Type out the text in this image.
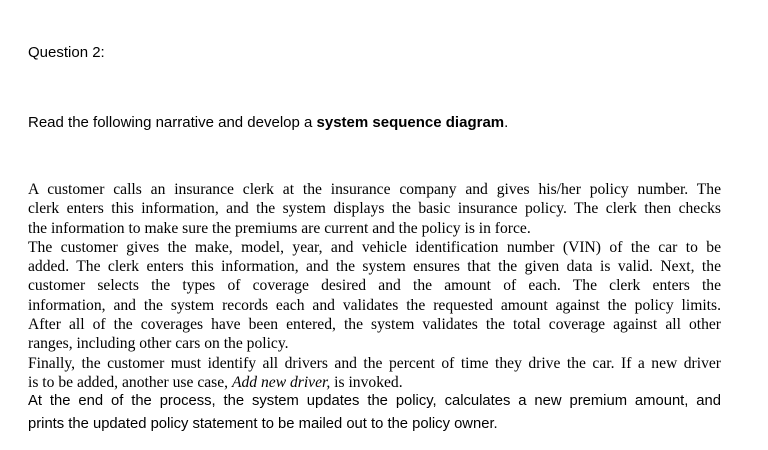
Question 2:
Read the following narrative and develop a system sequence diagram.
A customer calls an insurance clerk at the insurance company and gives his/her policy number. The
clerk enters this information, and the system displays the basic insurance policy. The clerk then checks
the information to make sure the premiums are current and the policy is in force.
The customer gives the make, model, year, and vehicle identification number (VIN) of the car to be
added. The clerk enters this information, and the system ensures that the given data is valid. Next, the
customer selects the types of coverage desired and the amount of each. The clerk enters the
information, and the system records each and validates the requested amount against the policy limits.
After all of the coverages have been entered, the system validates the total coverage against all other
ranges, including other cars on the policy.
Finally, the customer must identify all drivers and the percent of time they drive the car. If a new driver
is to be added, another use case, Add new driver, is invoked.
At the end of the process, the system updates the policy, calculates a new premium amount, and
prints the updated policy statement to be mailed out to the policy owner.
